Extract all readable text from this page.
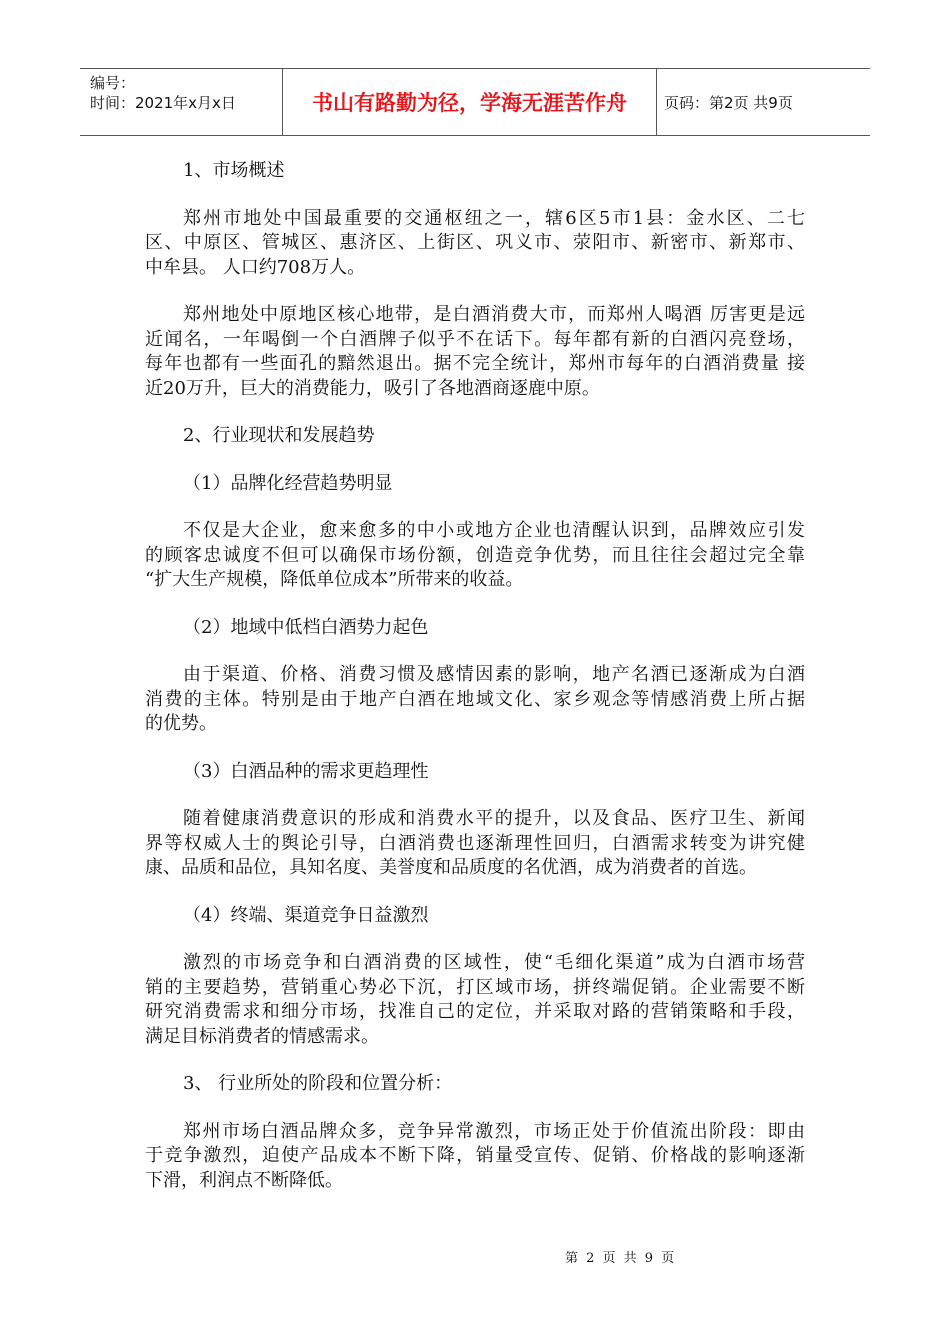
编号：
时间：2021年x月x日	书山有路勤为径，学海无涯苦作舟	页码：第2页 共9页
1、市场概述
郑州市地处中国最重要的交通枢纽之一，辖6区5市1县：金水区、二七
区、中原区、管城区、惠济区、上街区、巩义市、荥阳市、新密市、新郑市、
中牟县。 人口约708万人。
郑州地处中原地区核心地带，是白酒消费大市，而郑州人喝酒 厉害更是远
近闻名，一年喝倒一个白酒牌子似乎不在话下。每年都有新的白酒闪亮登场，
每年也都有一些面孔的黯然退出。据不完全统计，郑州市每年的白酒消费量 接
近20万升，巨大的消费能力，吸引了各地酒商逐鹿中原。
2、行业现状和发展趋势
（1）品牌化经营趋势明显
不仅是大企业，愈来愈多的中小或地方企业也清醒认识到，品牌效应引发
的顾客忠诚度不但可以确保市场份额，创造竞争优势，而且往往会超过完全靠
“扩大生产规模，降低单位成本”所带来的收益。
（2）地域中低档白酒势力起色
由于渠道、价格、消费习惯及感情因素的影响，地产名酒已逐渐成为白酒
消费的主体。特别是由于地产白酒在地域文化、家乡观念等情感消费上所占据
的优势。
（3）白酒品种的需求更趋理性
随着健康消费意识的形成和消费水平的提升，以及食品、医疗卫生、新闻
界等权威人士的舆论引导，白酒消费也逐渐理性回归，白酒需求转变为讲究健
康、品质和品位，具知名度、美誉度和品质度的名优酒，成为消费者的首选。
（4）终端、渠道竞争日益激烈
激烈的市场竞争和白酒消费的区域性，使“毛细化渠道”成为白酒市场营
销的主要趋势，营销重心势必下沉，打区域市场，拼终端促销。企业需要不断
研究消费需求和细分市场，找准自己的定位，并采取对路的营销策略和手段，
满足目标消费者的情感需求。
3、 行业所处的阶段和位置分析：
郑州市场白酒品牌众多，竞争异常激烈，市场正处于价值流出阶段：即由
于竞争激烈，迫使产品成本不断下降，销量受宣传、促销、价格战的影响逐渐
下滑，利润点不断降低。
第 2 页 共 9 页
